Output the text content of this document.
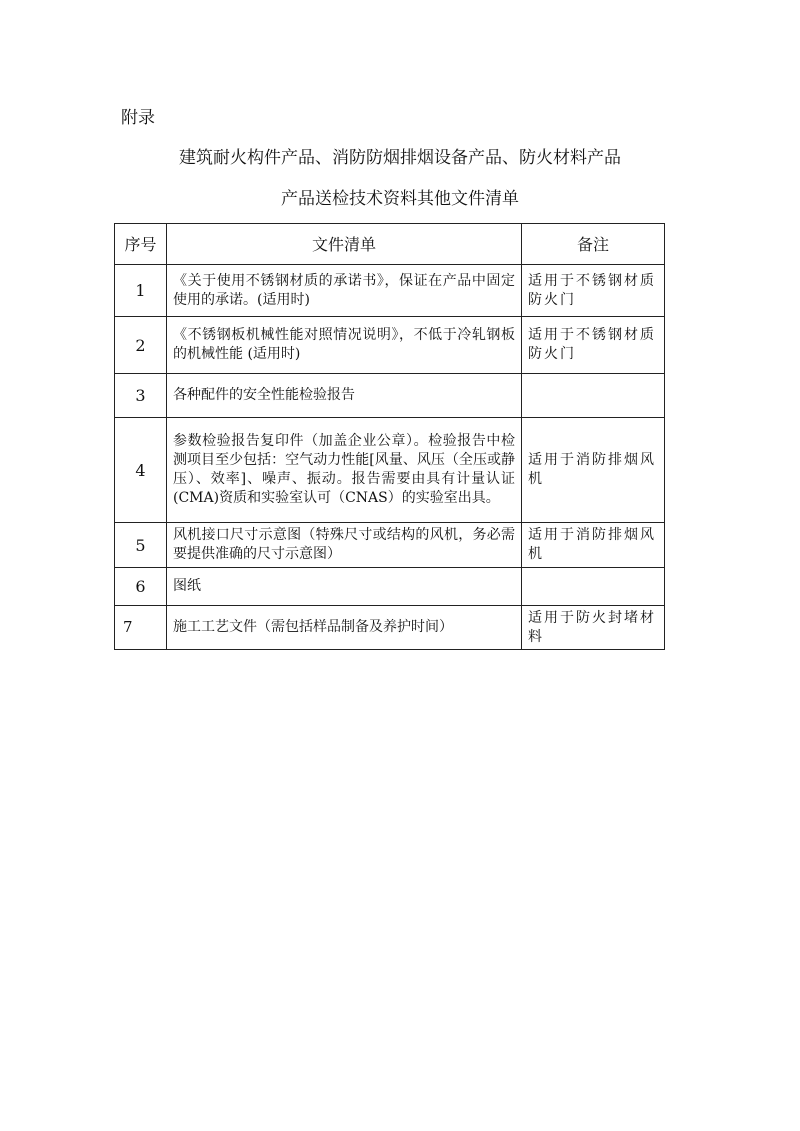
附录
建筑耐火构件产品、消防防烟排烟设备产品、防火材料产品
产品送检技术资料其他文件清单
序号	文件清单	备注
1	《关于使用不锈钢材质的承诺书》，保证在产品中固定使用的承诺。(适用时)	适用于不锈钢材质防火门
2	《不锈钢板机械性能对照情况说明》，不低于冷轧钢板的机械性能 (适用时)	适用于不锈钢材质防火门
3	各种配件的安全性能检验报告	
4	参数检验报告复印件（加盖企业公章）。检验报告中检测项目至少包括：空气动力性能[风量、风压（全压或静压）、效率]、噪声、振动。报告需要由具有计量认证(CMA)资质和实验室认可（CNAS）的实验室出具。	适用于消防排烟风机
5	风机接口尺寸示意图（特殊尺寸或结构的风机，务必需要提供准确的尺寸示意图）	适用于消防排烟风机
6	图纸	
7	施工工艺文件（需包括样品制备及养护时间）	适用于防火封堵材料
